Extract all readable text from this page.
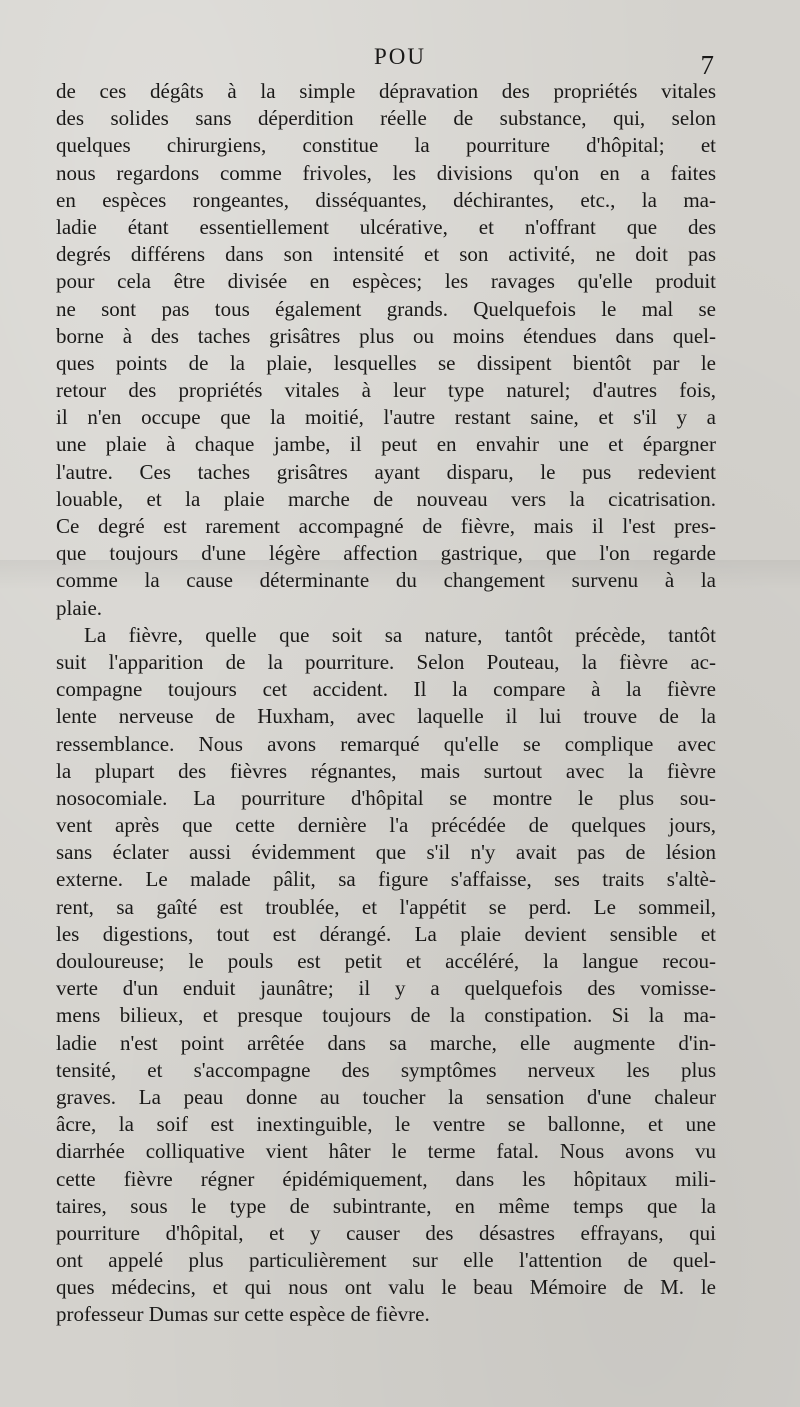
POU	7
de ces dégâts à la simple dépravation des propriétés vitales
des solides sans déperdition réelle de substance, qui, selon
quelques chirurgiens, constitue la pourriture d'hôpital; et
nous regardons comme frivoles, les divisions qu'on en a faites
en espèces rongeantes, disséquantes, déchirantes, etc., la ma-
ladie étant essentiellement ulcérative, et n'offrant que des
degrés différens dans son intensité et son activité, ne doit pas
pour cela être divisée en espèces; les ravages qu'elle produit
ne sont pas tous également grands. Quelquefois le mal se
borne à des taches grisâtres plus ou moins étendues dans quel-
ques points de la plaie, lesquelles se dissipent bientôt par le
retour des propriétés vitales à leur type naturel; d'autres fois,
il n'en occupe que la moitié, l'autre restant saine, et s'il y a
une plaie à chaque jambe, il peut en envahir une et épargner
l'autre. Ces taches grisâtres ayant disparu, le pus redevient
louable, et la plaie marche de nouveau vers la cicatrisation.
Ce degré est rarement accompagné de fièvre, mais il l'est pres-
que toujours d'une légère affection gastrique, que l'on regarde
comme la cause déterminante du changement survenu à la
plaie.
La fièvre, quelle que soit sa nature, tantôt précède, tantôt
suit l'apparition de la pourriture. Selon Pouteau, la fièvre ac-
compagne toujours cet accident. Il la compare à la fièvre
lente nerveuse de Huxham, avec laquelle il lui trouve de la
ressemblance. Nous avons remarqué qu'elle se complique avec
la plupart des fièvres régnantes, mais surtout avec la fièvre
nosocomiale. La pourriture d'hôpital se montre le plus sou-
vent après que cette dernière l'a précédée de quelques jours,
sans éclater aussi évidemment que s'il n'y avait pas de lésion
externe. Le malade pâlit, sa figure s'affaisse, ses traits s'altè-
rent, sa gaîté est troublée, et l'appétit se perd. Le sommeil,
les digestions, tout est dérangé. La plaie devient sensible et
douloureuse; le pouls est petit et accéléré, la langue recou-
verte d'un enduit jaunâtre; il y a quelquefois des vomisse-
mens bilieux, et presque toujours de la constipation. Si la ma-
ladie n'est point arrêtée dans sa marche, elle augmente d'in-
tensité, et s'accompagne des symptômes nerveux les plus
graves. La peau donne au toucher la sensation d'une chaleur
âcre, la soif est inextinguible, le ventre se ballonne, et une
diarrhée colliquative vient hâter le terme fatal. Nous avons vu
cette fièvre régner épidémiquement, dans les hôpitaux mili-
taires, sous le type de subintrante, en même temps que la
pourriture d'hôpital, et y causer des désastres effrayans, qui
ont appelé plus particulièrement sur elle l'attention de quel-
ques médecins, et qui nous ont valu le beau Mémoire de M. le
professeur Dumas sur cette espèce de fièvre.
